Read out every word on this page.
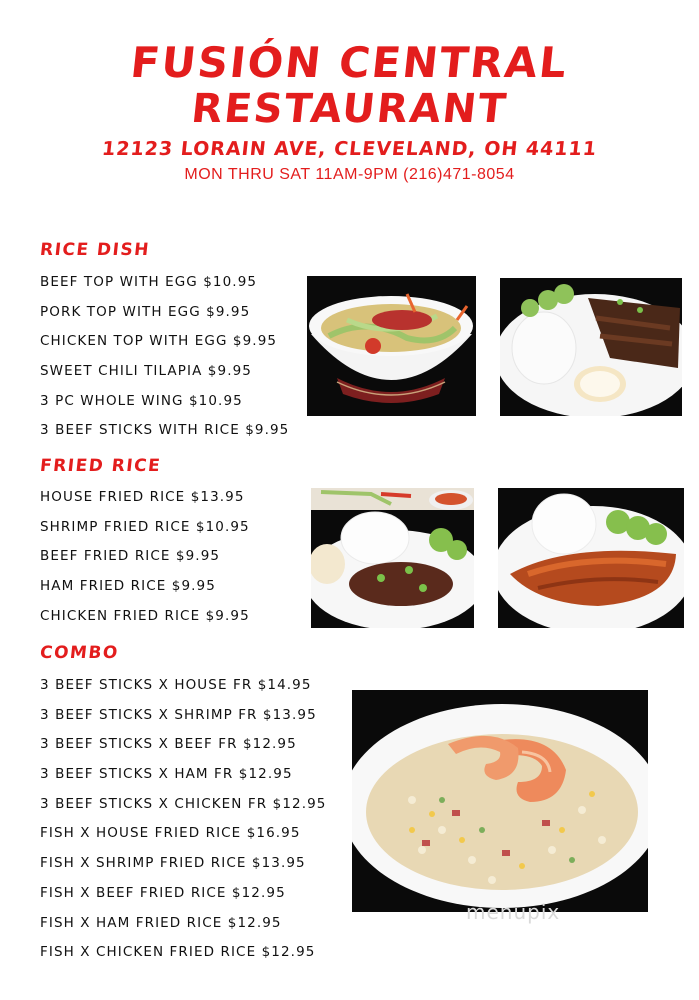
FUSIÓN CENTRAL
RESTAURANT
12123 LORAIN AVE, CLEVELAND, OH 44111
MON THRU SAT 11AM-9PM (216)471-8054
RICE DISH
BEEF TOP WITH EGG $10.95
PORK TOP WITH EGG $9.95
CHICKEN TOP WITH EGG $9.95
SWEET CHILI TILAPIA $9.95
3 PC WHOLE WING $10.95
3 BEEF STICKS WITH RICE $9.95
FRIED RICE
HOUSE FRIED RICE $13.95
SHRIMP FRIED RICE $10.95
BEEF FRIED RICE $9.95
HAM FRIED RICE $9.95
CHICKEN FRIED RICE $9.95
COMBO
3 BEEF STICKS X HOUSE FR $14.95
3 BEEF STICKS X SHRIMP FR $13.95
3 BEEF STICKS X BEEF FR $12.95
3 BEEF STICKS X HAM FR $12.95
3 BEEF STICKS X CHICKEN FR $12.95
FISH X HOUSE FRIED RICE $16.95
FISH X SHRIMP FRIED RICE $13.95
FISH X BEEF FRIED RICE $12.95
FISH X HAM FRIED RICE $12.95
FISH X CHICKEN FRIED RICE $12.95
menupix
